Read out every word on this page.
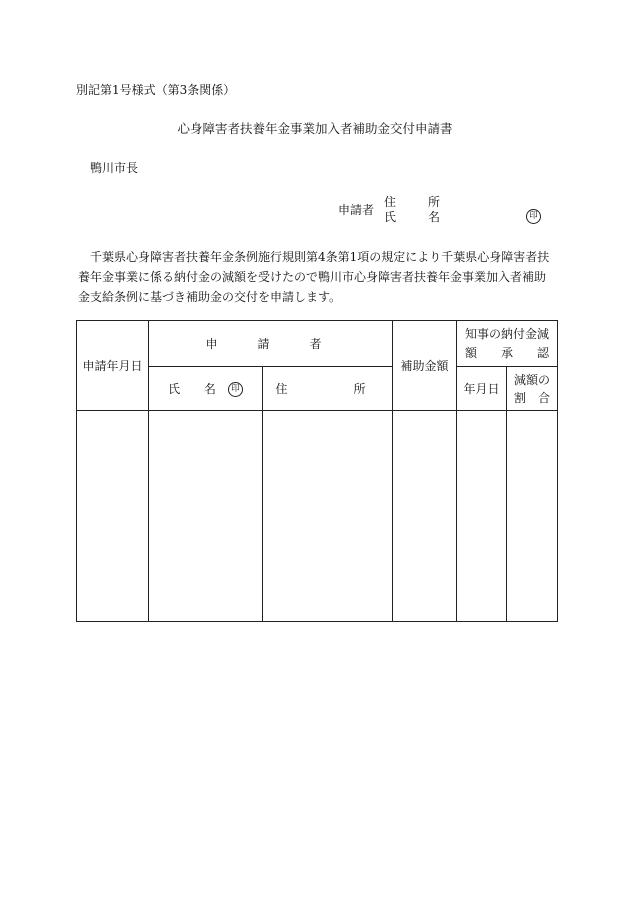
別記第1号様式（第3条関係）
心身障害者扶養年金事業加入者補助金交付申請書
鴨川市長
申請者
住　所
氏　名	印
千葉県心身障害者扶養年金条例施行規則第4条第1項の規定により千葉県心身障害者扶
養年金事業に係る納付金の減額を受けたので鴨川市心身障害者扶養年金事業加入者補助
金支給条例に基づき補助金の交付を申請します。
申請年月日	申　請　者		補助金額	知事の納付金減
額　　承　　認	

	氏 名 印	住　　所		年月日	減額の
割　合
